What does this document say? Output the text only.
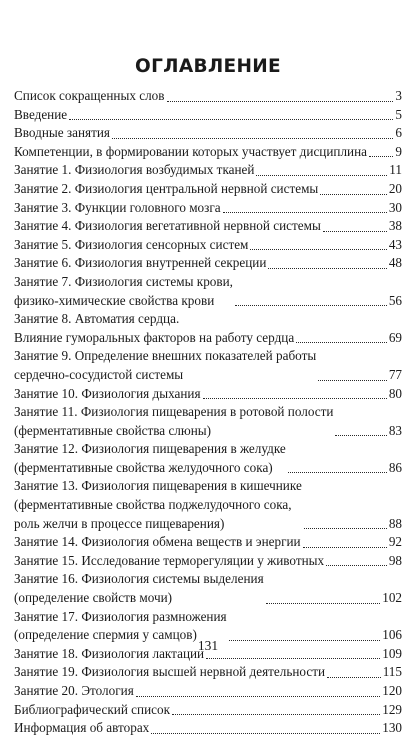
ОГЛАВЛЕНИЕ
Список сокращенных слов	3
Введение	5
Вводные занятия	6
Компетенции, в формировании которых участвует дисциплина 9
Занятие 1. Физиология возбудимых тканей	11
Занятие 2. Физиология центральной нервной системы	20
Занятие 3. Функции головного мозга	30
Занятие 4. Физиология вегетативной нервной системы	38
Занятие 5. Физиология сенсорных систем	43
Занятие 6. Физиология внутренней секреции	48
Занятие 7. Физиология системы крови,
физико-химические свойства крови	56
Занятие 8. Автоматия сердца.
Влияние гуморальных факторов на работу сердца	69
Занятие 9. Определение внешних показателей работы
сердечно-сосудистой системы	77
Занятие 10. Физиология дыхания	80
Занятие 11. Физиология пищеварения в ротовой полости
(ферментативные свойства слюны)	83
Занятие 12. Физиология пищеварения в желудке
(ферментативные свойства желудочного сока)	86
Занятие 13. Физиология пищеварения в кишечнике
(ферментативные свойства поджелудочного сока,
роль желчи в процессе пищеварения)	88
Занятие 14. Физиология обмена веществ и энергии	92
Занятие 15. Исследование терморегуляции у животных	98
Занятие 16. Физиология системы выделения
(определение свойств мочи)	102
Занятие 17. Физиология размножения
(определение спермия у самцов)	106
Занятие 18. Физиология лактации	109
Занятие 19. Физиология высшей нервной деятельности	115
Занятие 20. Этология	120
Библиографический список	129
Информация об авторах	130
131
